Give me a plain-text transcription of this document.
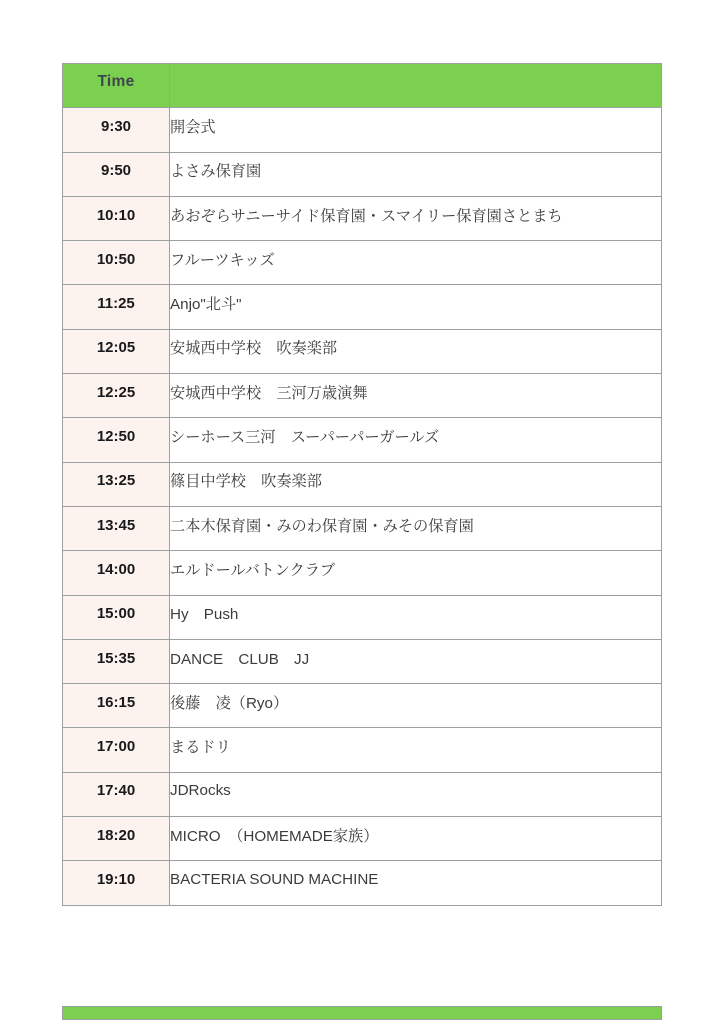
Time	
9:30	開会式
9:50	よさみ保育園
10:10	あおぞらサニーサイド保育園・スマイリー保育園さとまち
10:50	フルーツキッズ
11:25	Anjo"北斗"
12:05	安城西中学校　吹奏楽部
12:25	安城西中学校　三河万歳演舞
12:50	シーホース三河　スーパーパーガールズ
13:25	篠目中学校　吹奏楽部
13:45	二本木保育園・みのわ保育園・みその保育園
14:00	エルドールバトンクラブ
15:00	Hy　Push
15:35	DANCE　CLUB　JJ
16:15	後藤　凌（Ryo）
17:00	まるドリ
17:40	JDRocks
18:20	MICRO　（HOMEMADE家族）
19:10	BACTERIA SOUND MACHINE
